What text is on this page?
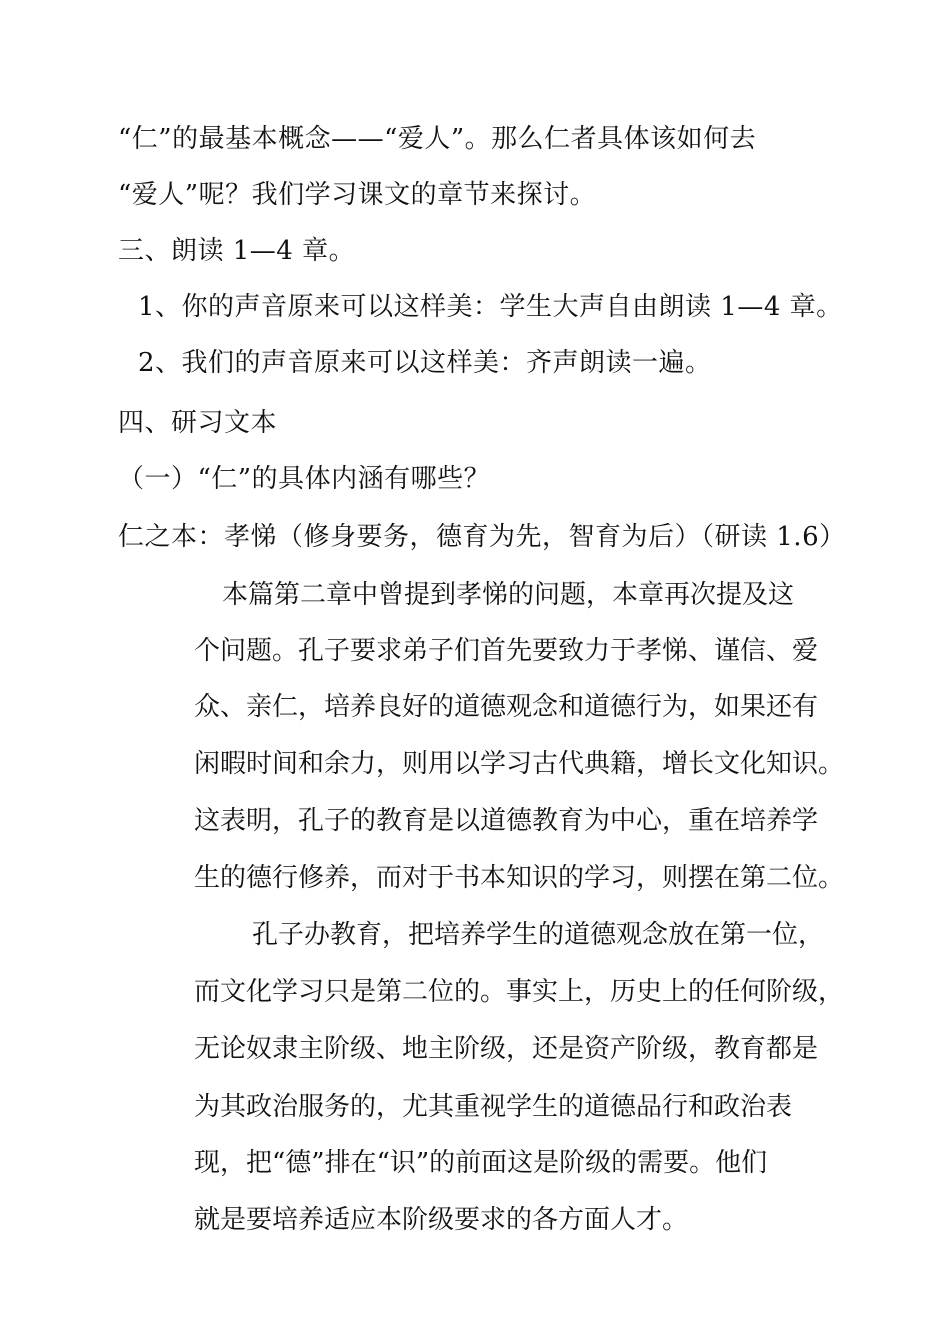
“仁”的最基本概念——“爱人”。那么仁者具体该如何去
“爱人”呢？我们学习课文的章节来探讨。
三、朗读 1—4 章。
1、你的声音原来可以这样美：学生大声自由朗读 1—4 章。
2、我们的声音原来可以这样美：齐声朗读一遍。
四、研习文本
（一）“仁”的具体内涵有哪些？
仁之本：孝悌（修身要务，德育为先，智育为后）（研读 1.6）
本篇第二章中曾提到孝悌的问题，本章再次提及这
个问题。孔子要求弟子们首先要致力于孝悌、谨信、爱
众、亲仁，培养良好的道德观念和道德行为，如果还有
闲暇时间和余力，则用以学习古代典籍，增长文化知识。
这表明，孔子的教育是以道德教育为中心，重在培养学
生的德行修养，而对于书本知识的学习，则摆在第二位。
孔子办教育，把培养学生的道德观念放在第一位，
而文化学习只是第二位的。事实上，历史上的任何阶级，
无论奴隶主阶级、地主阶级，还是资产阶级，教育都是
为其政治服务的，尤其重视学生的道德品行和政治表
现，把“德”排在“识”的前面这是阶级的需要。他们
就是要培养适应本阶级要求的各方面人才。
